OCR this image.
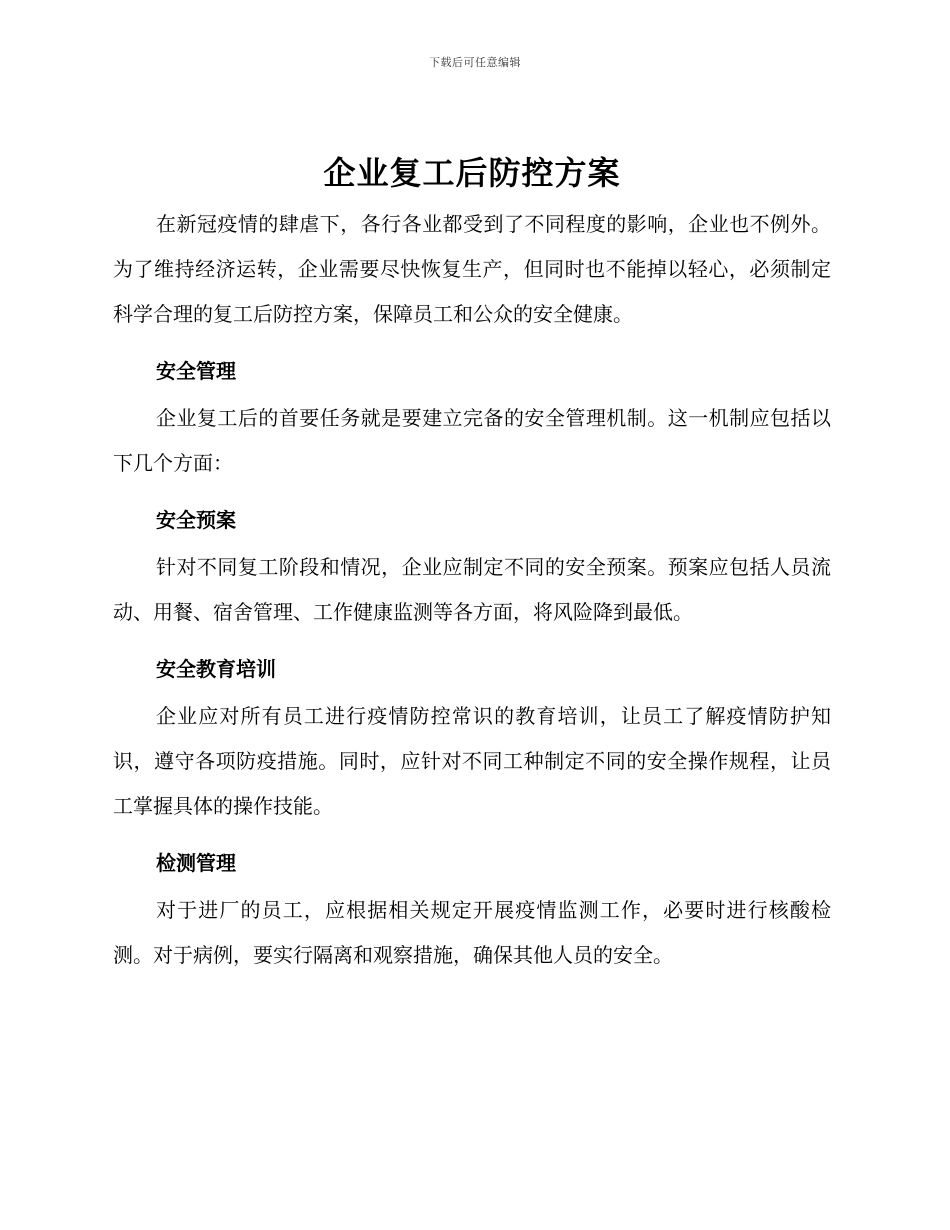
下载后可任意编辑
企业复工后防控方案

在新冠疫情的肆虐下，各行各业都受到了不同程度的影响，企业也不例外。为了维持经济运转，企业需要尽快恢复生产，但同时也不能掉以轻心，必须制定科学合理的复工后防控方案，保障员工和公众的安全健康。

安全管理

企业复工后的首要任务就是要建立完备的安全管理机制。这一机制应包括以下几个方面：

安全预案

针对不同复工阶段和情况，企业应制定不同的安全预案。预案应包括人员流动、用餐、宿舍管理、工作健康监测等各方面，将风险降到最低。

安全教育培训

企业应对所有员工进行疫情防控常识的教育培训，让员工了解疫情防护知识，遵守各项防疫措施。同时，应针对不同工种制定不同的安全操作规程，让员工掌握具体的操作技能。

检测管理

对于进厂的员工，应根据相关规定开展疫情监测工作，必要时进行核酸检测。对于病例，要实行隔离和观察措施，确保其他人员的安全。
